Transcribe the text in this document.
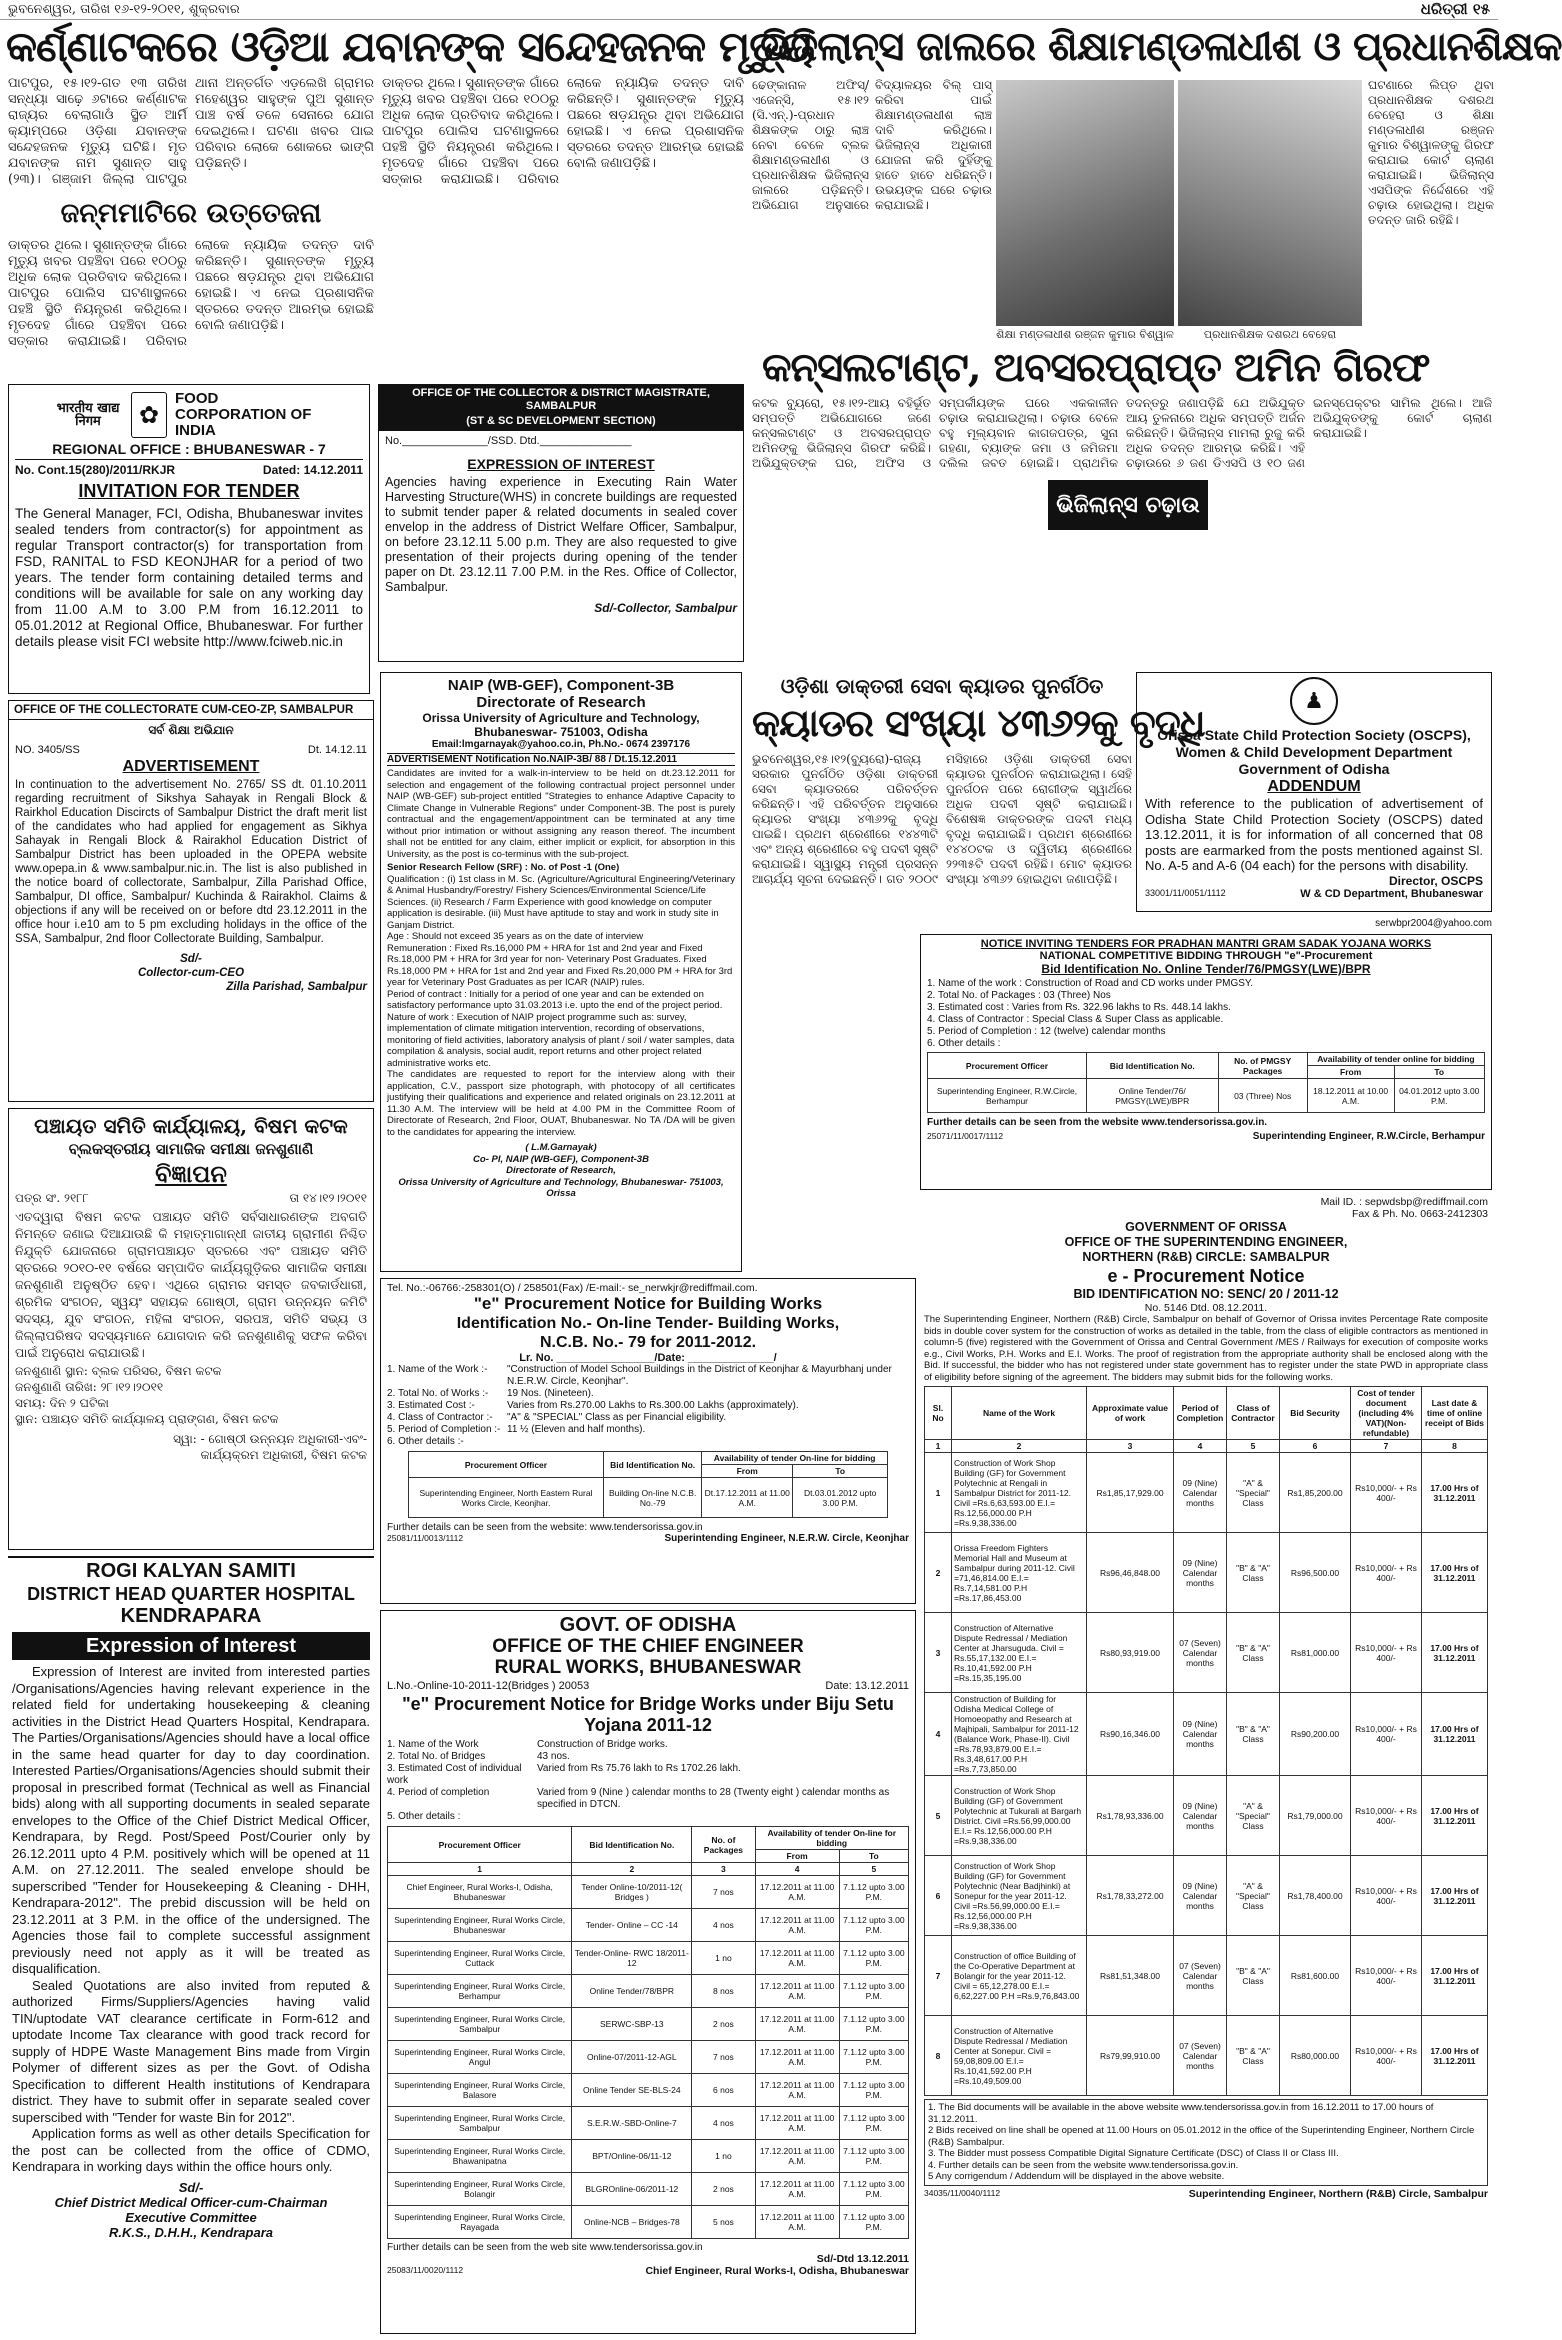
ଭୁବନେଶ୍ୱର, ତାରିଖ ୧୬-୧୨-୨୦୧୧, ଶୁକ୍ରବାର	ଧରିତ୍ରୀ ୧୫
କର୍ଣ୍ଣାଟକରେ ଓଡ଼ିଆ ଯବାନଙ୍କ ସନ୍ଦେହଜନକ ମୃତ୍ୟୁ
ପାଟପୁର, ୧୫।୧୨-ଗତ ୧୩ ତାରିଖ ସନ୍ଧ୍ୟା ସାଢ଼େ ୬ଟାରେ କର୍ଣ୍ଣାଟକ ରାଜ୍ୟର ବେଲାଗାଓଁ ସ୍ଥିତ ଆର୍ମି କ୍ୟାମ୍ପରେ ଓଡ଼ିଶା ଯବାନଙ୍କ ସନ୍ଦେହଜନକ ମୃତ୍ୟୁ ଘଟିଛି। ମୃତ ଯବାନଙ୍କ ନାମ ସୁଶାନ୍ତ ସାହୁ (୨୩)। ଗଞ୍ଜାମ ଜିଲ୍ଲା ପାଟପୁର ଥାନା ଅନ୍ତର୍ଗତ ଏଡ଼ଲେଖି ଗ୍ରାମର ମହେଶ୍ୱର ସାହୁଙ୍କ ପୁଅ ସୁଶାନ୍ତ ପାଞ୍ଚ ବର୍ଷ ତଳେ ସେନାରେ ଯୋଗ ଦେଇଥିଲେ। ଘଟଣା ଖବର ପାଇ ପରିବାର ଲୋକେ ଶୋକରେ ଭାଙ୍ଗି ପଡ଼ିଛନ୍ତି।
ଜନ୍ମମାଟିରେ ଉତ୍ତେଜନା
ଡାକ୍ତର ଥିଲେ। ସୁଶାନ୍ତଙ୍କ ଗାଁରେ ମୃତ୍ୟୁ ଖବର ପହଞ୍ଚିବା ପରେ ୧୦୦ରୁ ଅଧିକ ଲୋକ ପ୍ରତିବାଦ କରିଥିଲେ। ପାଟପୁର ପୋଲିସ ଘଟଣାସ୍ଥଳରେ ପହଞ୍ଚି ସ୍ଥିତି ନିୟନ୍ତ୍ରଣ କରିଥିଲେ। ମୃତଦେହ ଗାଁରେ ପହଞ୍ଚିବା ପରେ ସତ୍କାର କରାଯାଇଛି। ପରିବାର ଲୋକେ ନ୍ୟାୟିକ ତଦନ୍ତ ଦାବି କରିଛନ୍ତି। ସୁଶାନ୍ତଙ୍କ ମୃତ୍ୟୁ ପଛରେ ଷଡ଼ଯନ୍ତ୍ର ଥିବା ଅଭିଯୋଗ ହୋଇଛି। ଏ ନେଇ ପ୍ରଶାସନିକ ସ୍ତରରେ ତଦନ୍ତ ଆରମ୍ଭ ହୋଇଛି ବୋଲି ଜଣାପଡ଼ିଛି।
ଡାକ୍ତର ଥିଲେ। ସୁଶାନ୍ତଙ୍କ ଗାଁରେ ମୃତ୍ୟୁ ଖବର ପହଞ୍ଚିବା ପରେ ୧୦୦ରୁ ଅଧିକ ଲୋକ ପ୍ରତିବାଦ କରିଥିଲେ। ପାଟପୁର ପୋଲିସ ଘଟଣାସ୍ଥଳରେ ପହଞ୍ଚି ସ୍ଥିତି ନିୟନ୍ତ୍ରଣ କରିଥିଲେ। ମୃତଦେହ ଗାଁରେ ପହଞ୍ଚିବା ପରେ ସତ୍କାର କରାଯାଇଛି। ପରିବାର ଲୋକେ ନ୍ୟାୟିକ ତଦନ୍ତ ଦାବି କରିଛନ୍ତି। ସୁଶାନ୍ତଙ୍କ ମୃତ୍ୟୁ ପଛରେ ଷଡ଼ଯନ୍ତ୍ର ଥିବା ଅଭିଯୋଗ ହୋଇଛି। ଏ ନେଇ ପ୍ରଶାସନିକ ସ୍ତରରେ ତଦନ୍ତ ଆରମ୍ଭ ହୋଇଛି ବୋଲି ଜଣାପଡ଼ିଛି।
ଭିଜିଲାନ୍ସ ଜାଲରେ ଶିକ୍ଷାମଣ୍ଡଳାଧୀଶ ଓ ପ୍ରଧାନଶିକ୍ଷକ
ଢେଙ୍କାନାଳ ଅଫିସ୍/ଏଜେନ୍ସି, ୧୫।୧୨ (ସି.ଏନ୍.)-ପ୍ରଧାନ ଶିକ୍ଷକଙ୍କ ଠାରୁ ଲାଞ୍ଚ ନେବା ବେଳେ ବ୍ଲକ ଶିକ୍ଷାମଣ୍ଡଳାଧୀଶ ଓ ପ୍ରଧାନଶିକ୍ଷକ ଭିଜିଲାନ୍ସ ଜାଲରେ ପଡ଼ିଛନ୍ତି। ଅଭିଯୋଗ ଅନୁସାରେ ବିଦ୍ୟାଳୟର ବିଲ୍ ପାସ୍ କରିବା ପାଇଁ ଶିକ୍ଷାମଣ୍ଡଳାଧୀଶ ଲାଞ୍ଚ ଦାବି କରିଥିଲେ। ଭିଜିଲାନ୍ସ ଅଧିକାରୀ ଯୋଜନା କରି ଦୁହିଁଙ୍କୁ ହାତେ ହାତେ ଧରିଛନ୍ତି। ଉଭୟଙ୍କ ଘରେ ଚଢ଼ାଉ କରାଯାଇଛି।
ଶିକ୍ଷା ମଣ୍ଡଳାଧୀଶ ରଞ୍ଜନ କୁମାର ବିଶ୍ୱାଳ	ପ୍ରଧାନଶିକ୍ଷକ ଦଶରଥ ବେହେରା
ଘଟଣାରେ ଲିପ୍ତ ଥିବା ପ୍ରଧାନଶିକ୍ଷକ ଦଶରଥ ବେହେରା ଓ ଶିକ୍ଷା ମଣ୍ଡଳାଧୀଶ ରଞ୍ଜନ କୁମାର ବିଶ୍ୱାଳଙ୍କୁ ଗିରଫ କରାଯାଇ କୋର୍ଟ ଚାଲାଣ କରାଯାଇଛି। ଭିଜିଲାନ୍ସ ଏସପିଙ୍କ ନିର୍ଦ୍ଦେଶରେ ଏହି ଚଢ଼ାଉ ହୋଇଥିଲା। ଅଧିକ ତଦନ୍ତ ଜାରି ରହିଛି।
କନ୍ସଲଟାଣ୍ଟ, ଅବସରପ୍ରାପ୍ତ ଅମିନ ଗିରଫ
କଟକ ବ୍ୟୁରୋ, ୧୫।୧୨-ଆୟ ବହିର୍ଭୂତ ସମ୍ପତ୍ତି ଅଭିଯୋଗରେ ଜଣେ କନ୍ସଲଟାଣ୍ଟ ଓ ଅବସରପ୍ରାପ୍ତ ଅମିନଙ୍କୁ ଭିଜିଲାନ୍ସ ଗିରଫ କରିଛି। ଅଭିଯୁକ୍ତଙ୍କ ଘର, ଅଫିସ ଓ ସମ୍ପର୍କୀୟଙ୍କ ଘରେ ଏକକାଳୀନ ଚଢ଼ାଉ କରାଯାଇଥିଲା। ଚଢ଼ାଉ ବେଳେ ବହୁ ମୂଲ୍ୟବାନ କାଗଜପତ୍ର, ସୁନା ଗହଣା, ବ୍ୟାଙ୍କ ଜମା ଓ ଜମିଜମା ଦଲିଲ ଜବତ ହୋଇଛି। ପ୍ରାଥମିକ ତଦନ୍ତରୁ ଜଣାପଡ଼ିଛି ଯେ ଅଭିଯୁକ୍ତ ଆୟ ତୁଳନାରେ ଅଧିକ ସମ୍ପତ୍ତି ଅର୍ଜନ କରିଛନ୍ତି। ଭିଜିଲାନ୍ସ ମାମଲା ରୁଜୁ କରି ଅଧିକ ତଦନ୍ତ ଆରମ୍ଭ କରିଛି। ଏହି ଚଢ଼ାଉରେ ୬ ଜଣ ଡିଏସପି ଓ ୧୦ ଜଣ ଇନସ୍ପେକ୍ଟର ସାମିଲ ଥିଲେ। ଆଜି ଅଭିଯୁକ୍ତଙ୍କୁ କୋର୍ଟ ଚାଲାଣ କରାଯାଇଛି।
ଭିଜିଲାନ୍ସ ଚଢ଼ାଉ
ଓଡ଼ିଶା ଡାକ୍ତରୀ ସେବା କ୍ୟାଡର ପୁନର୍ଗଠିତ
କ୍ୟାଡର ସଂଖ୍ୟା ୪୩୬୨କୁ ବୃଦ୍ଧି
ଭୁବନେଶ୍ୱର,୧୫।୧୨(ବ୍ୟୁରୋ)-ରାଜ୍ୟ ସରକାର ପୁନର୍ଗଠିତ ଓଡ଼ିଶା ଡାକ୍ତରୀ ସେବା କ୍ୟାଡରରେ ପରିବର୍ତ୍ତନ କରିଛନ୍ତି। ଏହି ପରିବର୍ତ୍ତନ ଅନୁସାରେ କ୍ୟାଡର ସଂଖ୍ୟା ୪୩୬୨କୁ ବୃଦ୍ଧି ପାଇଛି। ପ୍ରଥମ ଶ୍ରେଣୀରେ ୧୪୪୩ଟି ଏବଂ ଅନ୍ୟ ଶ୍ରେଣୀରେ ବହୁ ପଦବୀ ସୃଷ୍ଟି କରାଯାଇଛି। ସ୍ୱାସ୍ଥ୍ୟ ମନ୍ତ୍ରୀ ପ୍ରସନ୍ନ ଆଚାର୍ଯ୍ୟ ସୂଚନା ଦେଇଛନ୍ତି। ଗତ ୨୦୦୯ ମସିହାରେ ଓଡ଼ିଶା ଡାକ୍ତରୀ ସେବା କ୍ୟାଡର ପୁନର୍ଗଠନ କରାଯାଇଥିଲା। ସେହି ପୁନର୍ଗଠନ ପରେ ରୋଗୀଙ୍କ ସ୍ୱାର୍ଥରେ ଅଧିକ ପଦବୀ ସୃଷ୍ଟି କରାଯାଇଛି। ବିଶେଷଜ୍ଞ ଡାକ୍ତରଙ୍କ ପଦବୀ ମଧ୍ୟ ବୃଦ୍ଧି କରାଯାଇଛି। ପ୍ରଥମ ଶ୍ରେଣୀରେ ୧୪୪୦ଟକ ଓ ଦ୍ୱିତୀୟ ଶ୍ରେଣୀରେ ୨୨୩୫ଟି ପଦବୀ ରହିଛି। ମୋଟ କ୍ୟାଡର ସଂଖ୍ୟା ୪୩୬୨ ହୋଇଥିବା ଜଣାପଡ଼ିଛି।
भारतीय खाद्य निगम	✿
FOOD CORPORATION OF INDIA
REGIONAL OFFICE : BHUBANESWAR - 7
No. Cont.15(280)/2011/RKJR	Dated: 14.12.2011
INVITATION FOR TENDER
The General Manager, FCI, Odisha, Bhubaneswar invites sealed tenders from contractor(s) for appointment as regular Transport contractor(s) for transportation from FSD, RANITAL to FSD KEONJHAR for a period of two years. The tender form containing detailed terms and conditions will be available for sale on any working day from 11.00 A.M to 3.00 P.M from 16.12.2011 to 05.01.2012 at Regional Office, Bhubaneswar. For further details please visit FCI website http://www.fciweb.nic.in
OFFICE OF THE COLLECTOR & DISTRICT MAGISTRATE, SAMBALPUR
(ST & SC DEVELOPMENT SECTION)
No.______________/SSD. Dtd._______________
EXPRESSION OF INTEREST
Agencies having experience in Executing Rain Water Harvesting Structure(WHS) in concrete buildings are requested to submit tender paper & related documents in sealed cover envelop in the address of District Welfare Officer, Sambalpur, on before 23.12.11 5.00 p.m. They are also requested to give presentation of their projects during opening of the tender paper on Dt. 23.12.11 7.00 P.M. in the Res. Office of Collector, Sambalpur.
Sd/-Collector, Sambalpur
OFFICE OF THE COLLECTORATE CUM-CEO-ZP, SAMBALPUR
ସର୍ବ ଶିକ୍ଷା ଅଭିଯାନ
NO. 3405/SS	Dt. 14.12.11
ADVERTISEMENT
In continuation to the advertisement No. 2765/ SS dt. 01.10.2011 regarding recruitment of Sikshya Sahayak in Rengali Block & Rairkhol Education Discircts of Sambalpur District the draft merit list of the candidates who had applied for engagement as Sikhya Sahayak in Rengali Block & Rairakhol Education District of Sambalpur District has been uploaded in the OPEPA website www.opepa.in & www.sambalpur.nic.in. The list is also published in the notice board of collectorate, Sambalpur, Zilla Parishad Office, Sambalpur, DI office, Sambalpur/ Kuchinda & Rairakhol. Claims & objections if any will be received on or before dtd 23.12.2011 in the office hour i.e10 am to 5 pm excluding holidays in the office of the SSA, Sambalpur, 2nd floor Collectorate Building, Sambalpur.
Sd/-
Collector-cum-CEO
Zilla Parishad, Sambalpur
NAIP (WB-GEF), Component-3B
Directorate of Research
Orissa University of Agriculture and Technology, Bhubaneswar- 751003, Odisha
Email:lmgarnayak@yahoo.co.in, Ph.No.- 0674 2397176
ADVERTISEMENT Notification No.NAIP-3B/ 88 / Dt.15.12.2011
Candidates are invited for a walk-in-interview to be held on dt.23.12.2011 for selection and engagement of the following contractual project personnel under NAIP (WB-GEF) sub-project entitled "Strategies to enhance Adaptive Capacity to Climate Change in Vulnerable Regions" under Component-3B. The post is purely contractual and the engagement/appointment can be terminated at any time without prior intimation or without assigning any reason thereof. The incumbent shall not be entitled for any claim, either implicit or explicit, for absorption in this University, as the post is co-terminus with the sub-project.
Senior Research Fellow (SRF) : No. of Post -1 (One)
Qualification : (i) 1st class in M. Sc. (Agriculture/Agricultural Engineering/Veterinary & Animal Husbandry/Forestry/ Fishery Sciences/Environmental Science/Life Sciences. (ii) Research / Farm Experience with good knowledge on computer application is desirable. (iii) Must have aptitude to stay and work in study site in Ganjam District.
Age : Should not exceed 35 years as on the date of interview
Remuneration : Fixed Rs.16,000 PM + HRA for 1st and 2nd year and Fixed Rs.18,000 PM + HRA for 3rd year for non- Veterinary Post Graduates. Fixed Rs.18,000 PM + HRA for 1st and 2nd year and Fixed Rs.20,000 PM + HRA for 3rd year for Veterinary Post Graduates as per ICAR (NAIP) rules.
Period of contract : Initially for a period of one year and can be extended on satisfactory performance upto 31.03.2013 i.e. upto the end of the project period.
Nature of work : Execution of NAIP project programme such as: survey, implementation of climate mitigation intervention, recording of observations, monitoring of field activities, laboratory analysis of plant / soil / water samples, data compilation & analysis, social audit, report returns and other project related administrative works etc.
The candidates are requested to report for the interview along with their application, C.V., passport size photograph, with photocopy of all certificates justifying their qualifications and experience and related originals on 23.12.2011 at 11.30 A.M. The interview will be held at 4.00 PM in the Committee Room of Directorate of Research, 2nd Floor, OUAT, Bhubaneswar. No TA /DA will be given to the candidates for appearing the interview.
( L.M.Garnayak)
Co- PI, NAIP (WB-GEF), Component-3B
Directorate of Research,
Orissa University of Agriculture and Technology, Bhubaneswar- 751003, Orissa
♟
Orissa State Child Protection Society (OSCPS), Women & Child Development Department Government of Odisha
ADDENDUM
With reference to the publication of advertisement of Odisha State Child Protection Society (OSCPS) dated 13.12.2011, it is for information of all concerned that 08 posts are earmarked from the posts mentioned against Sl. No. A-5 and A-6 (04 each) for the persons with disability.
Director, OSCPS
33001/11/0051/1112	W & CD Department, Bhubaneswar
serwbpr2004@yahoo.com
NOTICE INVITING TENDERS FOR PRADHAN MANTRI GRAM SADAK YOJANA WORKS
NATIONAL COMPETITIVE BIDDING THROUGH "e"-Procurement
Bid Identification No. Online Tender/76/PMGSY(LWE)/BPR
1. Name of the work : Construction of Road and CD works under PMGSY.
2. Total No. of Packages : 03 (Three) Nos
3. Estimated cost : Varies from Rs. 322.96 lakhs to Rs. 448.14 lakhs.
4. Class of Contractor : Special Class & Super Class as applicable.
5. Period of Completion : 12 (twelve) calendar months
6. Other details :
Procurement Officer	Bid Identification No.	No. of PMGSY Packages	Availability of tender online for bidding	
			From	To
Superintending Engineer, R.W.Circle, Berhampur	Online Tender/76/ PMGSY(LWE)/BPR	03 (Three) Nos	18.12.2011 at 10.00 A.M.	04.01.2012 upto 3.00 P.M.
Further details can be seen from the website www.tendersorissa.gov.in.
25071/11/0017/1112	Superintending Engineer, R.W.Circle, Berhampur
ପଞ୍ଚାୟତ ସମିତି କାର୍ଯ୍ୟାଳୟ, ବିଷମ କଟକ
ବ୍ଲକସ୍ତରୀୟ ସାମାଜିକ ସମୀକ୍ଷା ଜନଶୁଣାଣି
ବିଜ୍ଞାପନ
ପତ୍ର ସଂ. ୨୧୮୮	ତା ୧୪।୧୨।୨୦୧୧
ଏତଦ୍ୱାରା ବିଷମ କଟକ ପଞ୍ଚାୟତ ସମିତି ସର୍ବସାଧାରଣଙ୍କ ଅବଗତି ନିମନ୍ତେ ଜଣାଇ ଦିଆଯାଉଛି କି ମହାତ୍ମାଗାନ୍ଧୀ ଜାତୀୟ ଗ୍ରାମୀଣ ନିଶ୍ଚିତ ନିଯୁକ୍ତି ଯୋଜନାରେ ଗ୍ରାମପଞ୍ଚାୟତ ସ୍ତରରେ ଏବଂ ପଞ୍ଚାୟତ ସମିତି ସ୍ତରରେ ୨୦୧୦-୧୧ ବର୍ଷରେ ସମ୍ପାଦିତ କାର୍ଯ୍ୟଗୁଡ଼ିକର ସାମାଜିକ ସମୀକ୍ଷା ଜନଶୁଣାଣି ଅନୁଷ୍ଠିତ ହେବ। ଏଥିରେ ଗ୍ରାମର ସମସ୍ତ ଜବକାର୍ଡଧାରୀ, ଶ୍ରମିକ ସଂଗଠନ, ସ୍ୱୟଂ ସହାୟକ ଗୋଷ୍ଠୀ, ଗ୍ରାମ ଉନ୍ନୟନ କମିଟି ସଦସ୍ୟ, ଯୁବ ସଂଗଠନ, ମହିଳା ସଂଗଠନ, ସରପଞ୍ଚ, ସମିତି ସଭ୍ୟ ଓ ଜିଲ୍ଲାପରିଷଦ ସଦସ୍ୟମାନେ ଯୋଗଦାନ କରି ଜନଶୁଣାଣିକୁ ସଫଳ କରିବା ପାଇଁ ଅନୁରୋଧ କରାଯାଉଛି।
ଜନଶୁଣାଣି ସ୍ଥାନ: ବ୍ଲକ ପରିସର, ବିଷମ କଟକ
ଜନଶୁଣାଣି ତାରିଖ: ୨୮।୧୨।୨୦୧୧
ସମୟ: ଦିନ ୨ ଘଟିକା
ସ୍ଥାନ: ପଞ୍ଚାୟତ ସମିତି କାର୍ଯ୍ୟାଳୟ ପ୍ରାଙ୍ଗଣ, ବିଷମ କଟକ
ସ୍ୱା: - ଗୋଷ୍ଠୀ ଉନ୍ନୟନ ଅଧିକାରୀ-ଏବଂ-
କାର୍ଯ୍ୟକ୍ରମ ଅଧିକାରୀ, ବିଷମ କଟକ
ROGI KALYAN SAMITI
DISTRICT HEAD QUARTER HOSPITAL
KENDRAPARA
Expression of Interest
Expression of Interest are invited from interested parties /Organisations/Agencies having relevant experience in the related field for undertaking housekeeping & cleaning activities in the District Head Quarters Hospital, Kendrapara. The Parties/Organisations/Agencies should have a local office in the same head quarter for day to day coordination. Interested Parties/Organisations/Agencies should submit their proposal in prescribed format (Technical as well as Financial bids) along with all supporting documents in sealed separate envelopes to the Office of the Chief District Medical Officer, Kendrapara, by Regd. Post/Speed Post/Courier only by 26.12.2011 upto 4 P.M. positively which will be opened at 11 A.M. on 27.12.2011. The sealed envelope should be superscribed "Tender for Housekeeping & Cleaning - DHH, Kendrapara-2012". The prebid discussion will be held on 23.12.2011 at 3 P.M. in the office of the undersigned. The Agencies those fail to complete successful assignment previously need not apply as it will be treated as disqualification.
Sealed Quotations are also invited from reputed & authorized Firms/Suppliers/Agencies having valid TIN/uptodate VAT clearance certificate in Form-612 and uptodate Income Tax clearance with good track record for supply of HDPE Waste Management Bins made from Virgin Polymer of different sizes as per the Govt. of Odisha Specification to different Health institutions of Kendrapara district. They have to submit offer in separate sealed cover superscibed with "Tender for waste Bin for 2012".
Application forms as well as other details Specification for the post can be collected from the office of CDMO, Kendrapara in working days within the office hours only.
Sd/-
Chief District Medical Officer-cum-Chairman
Executive Committee
R.K.S., D.H.H., Kendrapara
Tel. No.:-06766:-258301(O) / 258501(Fax) /E-mail:- se_nerwkjr@rediffmail.com.
"e" Procurement Notice for Building Works
Identification No.- On-line Tender- Building Works,
N.C.B. No.- 79 for 2011-2012.
Lr. No. ________________/Date: ______________/
1. Name of the Work :-	"Construction of Model School Buildings in the District of Keonjhar & Mayurbhanj under N.E.R.W. Circle, Keonjhar".
2. Total No. of Works :-	19 Nos. (Nineteen).
3. Estimated Cost :-	Varies from Rs.270.00 Lakhs to Rs.300.00 Lakhs (approximately).
4. Class of Contractor :-	"A" & "SPECIAL" Class as per Financial eligibility.
5. Period of Completion :- 11 ½ (Eleven and half months).
6. Other details :-
Procurement Officer	Bid Identification No.	Availability of tender On-line for bidding	
		From	To
Superintending Engineer, North Eastern Rural Works Circle, Keonjhar.	Building On-line N.C.B. No.-79	Dt.17.12.2011 at 11.00 A.M.	Dt.03.01.2012 upto 3.00 P.M.
Further details can be seen from the website: www.tendersorissa.gov.in
25081/11/0013/1112	Superintending Engineer, N.E.R.W. Circle, Keonjhar
GOVT. OF ODISHA
OFFICE OF THE CHIEF ENGINEER
RURAL WORKS, BHUBANESWAR
L.No.-Online-10-2011-12(Bridges ) 20053	Date: 13.12.2011
"e" Procurement Notice for Bridge Works under Biju Setu Yojana 2011-12
1. Name of the Work	Construction of Bridge works.
2. Total No. of Bridges	43 nos.
3. Estimated Cost of individual work
Varied from Rs 75.76 lakh to Rs 1702.26 lakh.
4. Period of completion	Varied from 9 (Nine ) calendar months to 28 (Twenty eight ) calendar months as specified in DTCN.
5. Other details :
Procurement Officer	Bid Identification No.	No. of Packages	Availability of tender On-line for bidding	
			From	To
1	2	3	4	5
Chief Engineer, Rural Works-I, Odisha, Bhubaneswar	Tender Online-10/2011-12( Bridges )	7 nos	17.12.2011 at 11.00 A.M.	7.1.12 upto 3.00 P.M.
Superintending Engineer, Rural Works Circle, Bhubaneswar	Tender- Online – CC -14	4 nos	17.12.2011 at 11.00 A.M.	7.1.12 upto 3.00 P.M.
Superintending Engineer, Rural Works Circle, Cuttack	Tender-Online- RWC 18/2011-12	1 no	17.12.2011 at 11.00 A.M.	7.1.12 upto 3.00 P.M.
Superintending Engineer, Rural Works Circle, Berhampur	Online Tender/78/BPR	8 nos	17.12.2011 at 11.00 A.M.	7.1.12 upto 3.00 P.M.
Superintending Engineer, Rural Works Circle, Sambalpur	SERWC-SBP-13	2 nos	17.12.2011 at 11.00 A.M.	7.1.12 upto 3.00 P.M.
Superintending Engineer, Rural Works Circle, Angul	Online-07/2011-12-AGL	7 nos	17.12.2011 at 11.00 A.M.	7.1.12 upto 3.00 P.M.
Superintending Engineer, Rural Works Circle, Balasore	Online Tender SE-BLS-24	6 nos	17.12.2011 at 11.00 A.M.	7.1.12 upto 3.00 P.M.
Superintending Engineer, Rural Works Circle, Sambalpur	S.E.R.W.-SBD-Online-7	4 nos	17.12.2011 at 11.00 A.M.	7.1.12 upto 3.00 P.M.
Superintending Engineer, Rural Works Circle, Bhawanipatna	BPT/Online-06/11-12	1 no	17.12.2011 at 11.00 A.M.	7.1.12 upto 3.00 P.M.
Superintending Engineer, Rural Works Circle, Bolangir	BLGROnline-06/2011-12	2 nos	17.12.2011 at 11.00 A.M.	7.1.12 upto 3.00 P.M.
Superintending Engineer, Rural Works Circle, Rayagada	Online-NCB – Bridges-78	5 nos	17.12.2011 at 11.00 A.M.	7.1.12 upto 3.00 P.M.
Further details can be seen from the web site www.tendersorissa.gov.in
Sd/-Dtd 13.12.2011
25083/11/0020/1112	Chief Engineer, Rural Works-I, Odisha, Bhubaneswar
Mail ID. : sepwdsbp@rediffmail.com
Fax & Ph. No. 0663-2412303
GOVERNMENT OF ORISSA
OFFICE OF THE SUPERINTENDING ENGINEER,
NORTHERN (R&B) CIRCLE: SAMBALPUR
e - Procurement Notice
BID IDENTIFICATION NO: SENC/ 20 / 2011-12
No. 5146 Dtd. 08.12.2011.
The Superintending Engineer, Northern (R&B) Circle, Sambalpur on behalf of Governor of Orissa invites Percentage Rate composite bids in double cover system for the construction of works as detailed in the table, from the class of eligible contractors as mentioned in column-5 (five) registered with the Government of Orissa and Central Government /MES / Railways for execution of composite works e.g., Civil Works, P.H. Works and E.I. Works. The proof of registration from the appropriate authority shall be enclosed along with the Bid. If successful, the bidder who has not registered under state government has to register under the state PWD in appropriate class of eligibility before signing of the agreement. The bidders may submit bids for the following works.
Sl. No	Name of the Work	Approximate value of work	Period of Completion	Class of Contractor	Bid Security	Cost of tender document (including 4% VAT)(Non-refundable)	Last date & time of online receipt of Bids
1	2	3	4	5	6	7	8
1	Construction of Work Shop Building (GF) for Government Polytechnic at Rengali in Sambalpur District for 2011-12. Civil =Rs.6,63,593.00 E.I.= Rs.12,56,000.00 P.H =Rs.9,38,336.00	Rs1,85,17,929.00	09 (Nine) Calendar months	"A" & "Special" Class	Rs1,85,200.00	Rs10,000/- + Rs 400/-	17.00 Hrs of 31.12.2011
2	Orissa Freedom Fighters Memorial Hall and Museum at Sambalpur during 2011-12. Civil =71,46,814.00 E.I.= Rs.7,14,581.00 P.H =Rs.17,86,453.00	Rs96,46,848.00	09 (Nine) Calendar months	"B" & "A" Class	Rs96,500.00	Rs10,000/- + Rs 400/-	17.00 Hrs of 31.12.2011
3	Construction of Alternative Dispute Redressal / Mediation Center at Jharsuguda. Civil = Rs.55,17,132.00 E.I.= Rs.10,41,592.00 P.H =Rs.15,35,195.00	Rs80,93,919.00	07 (Seven) Calendar months	"B" & "A" Class	Rs81,000.00	Rs10,000/- + Rs 400/-	17.00 Hrs of 31.12.2011
4	Construction of Building for Odisha Medical College of Homoeopathy and Research at Majhipali, Sambalpur for 2011-12 (Balance Work, Phase-II). Civil =Rs.78,93,879.00 E.I.= Rs.3,48,617.00 P.H =Rs.7,73,850.00	Rs90,16,346.00	09 (Nine) Calendar months	"B" & "A" Class	Rs90,200.00	Rs10,000/- + Rs 400/-	17.00 Hrs of 31.12.2011
5	Construction of Work Shop Building (GF) of Government Polytechnic at Tukurali at Bargarh District. Civil =Rs.56,99,000.00 E.I.= Rs.12,56,000.00 P.H =Rs.9,38,336.00	Rs1,78,93,336.00	09 (Nine) Calendar months	"A" & "Special" Class	Rs1,79,000.00	Rs10,000/- + Rs 400/-	17.00 Hrs of 31.12.2011
6	Construction of Work Shop Building (GF) for Government Polytechnic (Near Badjhinki) at Sonepur for the year 2011-12. Civil =Rs.56,99,000.00 E.I.= Rs.12,56,000.00 P.H =Rs.9,38,336.00	Rs1,78,33,272.00	09 (Nine) Calendar months	"A" & "Special" Class	Rs1,78,400.00	Rs10,000/- + Rs 400/-	17.00 Hrs of 31.12.2011
7	Construction of office Building of the Co-Operative Department at Bolangir for the year 2011-12. Civil = 65,12,278.00 E.I.= 6,62,227.00 P.H =Rs.9,76,843.00	Rs81,51,348.00	07 (Seven) Calendar months	"B" & "A" Class	Rs81,600.00	Rs10,000/- + Rs 400/-	17.00 Hrs of 31.12.2011
8	Construction of Alternative Dispute Redressal / Mediation Center at Sonepur. Civil = 59,08,809.00 E.I.= Rs.10,41,592.00 P.H =Rs.10,49,509.00	Rs79,99,910.00	07 (Seven) Calendar months	"B" & "A" Class	Rs80,000.00	Rs10,000/- + Rs 400/-	17.00 Hrs of 31.12.2011
1. The Bid documents will be available in the above website www.tendersorissa.gov.in from 16.12.2011 to 17.00 hours of 31.12.2011.
2 Bids received on line shall be opened at 11.00 Hours on 05.01.2012 in the office of the Superintending Engineer, Northern Circle (R&B) Sambalpur.
3. The Bidder must possess Compatible Digital Signature Certificate (DSC) of Class II or Class III.
4. Further details can be seen from the website www.tendersorissa.gov.in.
5 Any corrigendum / Addendum will be displayed in the above website.
34035/11/0040/1112	Superintending Engineer, Northern (R&B) Circle, Sambalpur
